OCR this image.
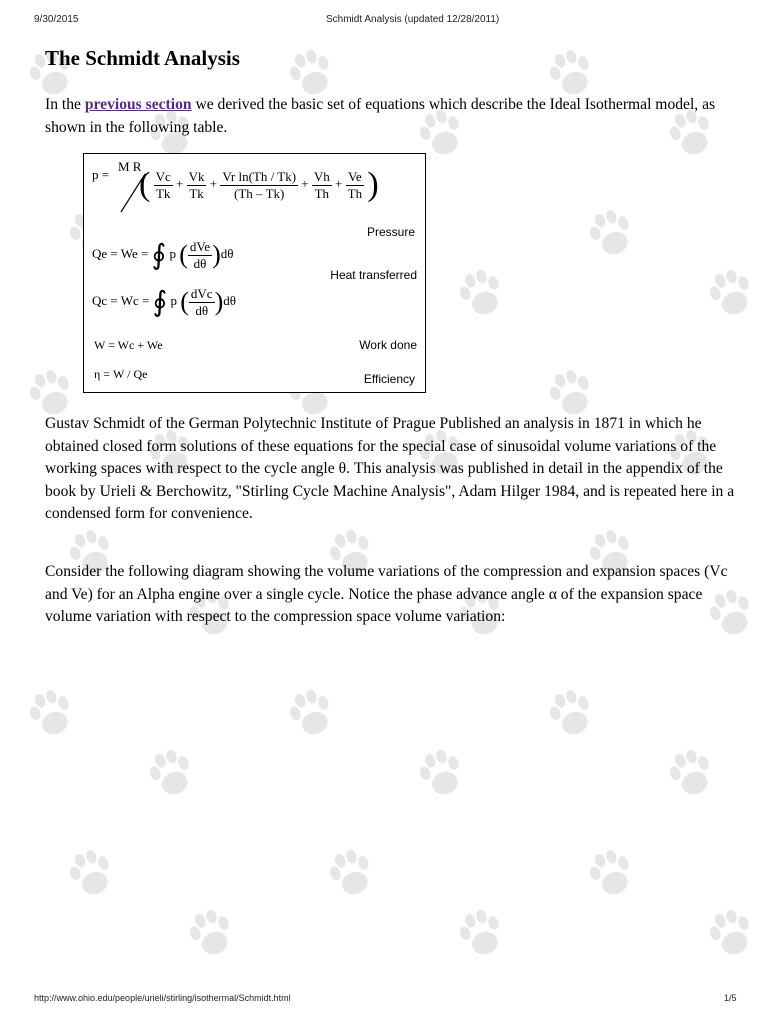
9/30/2015	Schmidt Analysis (updated 12/28/2011)
The Schmidt Analysis

In the previous section we derived the basic set of equations which describe the Ideal Isothermal model, as shown in the following table.

p =
M R
( $\frac{Vc}{Tk} + \frac{Vk}{Tk} + \frac{\text{Vr ln(Th / Tk)}}{(Th - Tk)} + \frac{Vh}{Th} + \frac{Ve}{Th}$ )
Pressure
Qe = We = ∮ p ( $\frac{\text{dVe}}{d\theta} )d\theta$
Heat transferred
Qc = Wc = ∮ p ( $\frac{\text{dVc}}{d\theta} )d\theta$
W = Wc + We	Work done
η = W / Qe	Efficiency

Gustav Schmidt of the German Polytechnic Institute of Prague Published an analysis in 1871 in which he obtained closed form solutions of these equations for the special case of sinusoidal volume variations of the working spaces with respect to the cycle angle θ. This analysis was published in detail in the appendix of the book by Urieli & Berchowitz, "Stirling Cycle Machine Analysis", Adam Hilger 1984, and is repeated here in a condensed form for convenience.

Consider the following diagram showing the volume variations of the compression and expansion spaces (Vc and Ve) for an Alpha engine over a single cycle. Notice the phase advance angle α of the expansion space volume variation with respect to the compression space volume variation:

http://www.ohio.edu/people/urieli/stirling/isothermal/Schmidt.html	1/5
